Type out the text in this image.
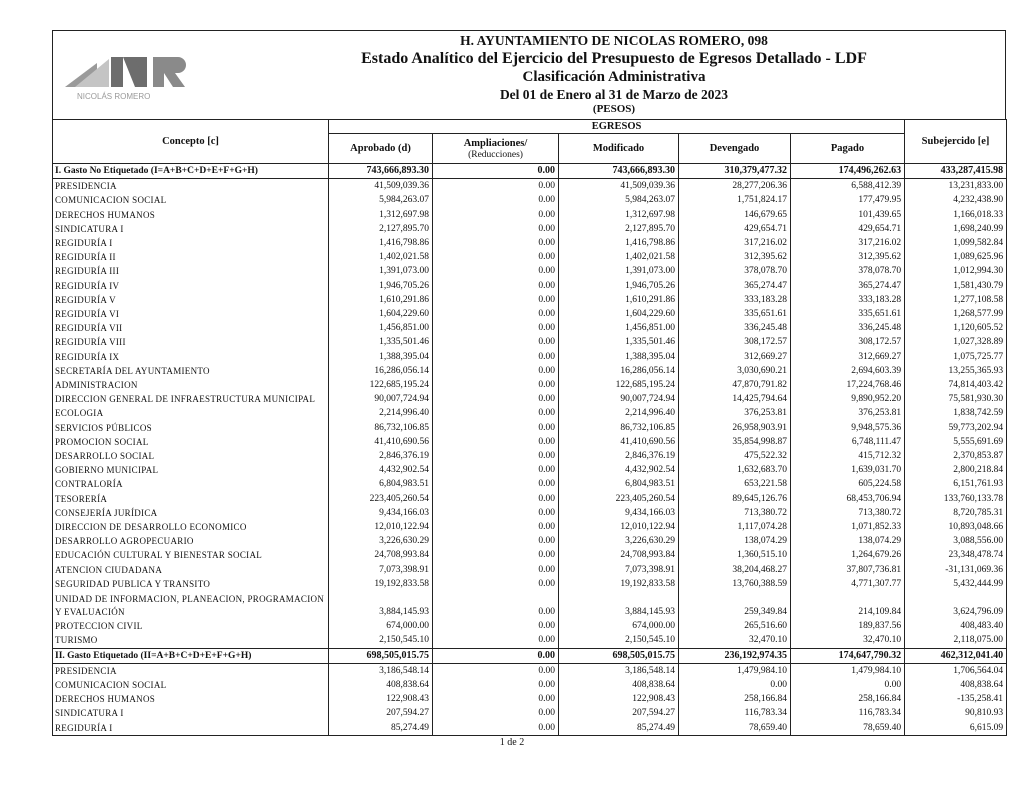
NICOLÁS ROMERO
H. AYUNTAMIENTO DE NICOLAS ROMERO, 098
Estado Analítico del Ejercicio del Presupuesto de Egresos Detallado - LDF
Clasificación Administrativa
Del 01 de Enero al 31 de Marzo de 2023
(PESOS)
Concepto [c]	EGRESOS					Subejercido [e]
	Aprobado (d)	Ampliaciones/
(Reducciones)	Modificado	Devengado	Pagado	
I. Gasto No Etiquetado (I=A+B+C+D+E+F+G+H)	743,666,893.30	0.00	743,666,893.30	310,379,477.32	174,496,262.63	433,287,415.98
PRESIDENCIA	41,509,039.36	0.00	41,509,039.36	28,277,206.36	6,588,412.39	13,231,833.00
COMUNICACION SOCIAL	5,984,263.07	0.00	5,984,263.07	1,751,824.17	177,479.95	4,232,438.90
DERECHOS HUMANOS	1,312,697.98	0.00	1,312,697.98	146,679.65	101,439.65	1,166,018.33
SINDICATURA I	2,127,895.70	0.00	2,127,895.70	429,654.71	429,654.71	1,698,240.99
REGIDURÍA I	1,416,798.86	0.00	1,416,798.86	317,216.02	317,216.02	1,099,582.84
REGIDURÍA II	1,402,021.58	0.00	1,402,021.58	312,395.62	312,395.62	1,089,625.96
REGIDURÍA III	1,391,073.00	0.00	1,391,073.00	378,078.70	378,078.70	1,012,994.30
REGIDURÍA IV	1,946,705.26	0.00	1,946,705.26	365,274.47	365,274.47	1,581,430.79
REGIDURÍA V	1,610,291.86	0.00	1,610,291.86	333,183.28	333,183.28	1,277,108.58
REGIDURÍA VI	1,604,229.60	0.00	1,604,229.60	335,651.61	335,651.61	1,268,577.99
REGIDURÍA VII	1,456,851.00	0.00	1,456,851.00	336,245.48	336,245.48	1,120,605.52
REGIDURÍA VIII	1,335,501.46	0.00	1,335,501.46	308,172.57	308,172.57	1,027,328.89
REGIDURÍA IX	1,388,395.04	0.00	1,388,395.04	312,669.27	312,669.27	1,075,725.77
SECRETARÍA DEL AYUNTAMIENTO	16,286,056.14	0.00	16,286,056.14	3,030,690.21	2,694,603.39	13,255,365.93
ADMINISTRACION	122,685,195.24	0.00	122,685,195.24	47,870,791.82	17,224,768.46	74,814,403.42
DIRECCION GENERAL DE INFRAESTRUCTURA MUNICIPAL	90,007,724.94	0.00	90,007,724.94	14,425,794.64	9,890,952.20	75,581,930.30
ECOLOGIA	2,214,996.40	0.00	2,214,996.40	376,253.81	376,253.81	1,838,742.59
SERVICIOS PÚBLICOS	86,732,106.85	0.00	86,732,106.85	26,958,903.91	9,948,575.36	59,773,202.94
PROMOCION SOCIAL	41,410,690.56	0.00	41,410,690.56	35,854,998.87	6,748,111.47	5,555,691.69
DESARROLLO SOCIAL	2,846,376.19	0.00	2,846,376.19	475,522.32	415,712.32	2,370,853.87
GOBIERNO MUNICIPAL	4,432,902.54	0.00	4,432,902.54	1,632,683.70	1,639,031.70	2,800,218.84
CONTRALORÍA	6,804,983.51	0.00	6,804,983.51	653,221.58	605,224.58	6,151,761.93
TESORERÍA	223,405,260.54	0.00	223,405,260.54	89,645,126.76	68,453,706.94	133,760,133.78
CONSEJERÍA JURÍDICA	9,434,166.03	0.00	9,434,166.03	713,380.72	713,380.72	8,720,785.31
DIRECCION DE DESARROLLO ECONOMICO	12,010,122.94	0.00	12,010,122.94	1,117,074.28	1,071,852.33	10,893,048.66
DESARROLLO AGROPECUARIO	3,226,630.29	0.00	3,226,630.29	138,074.29	138,074.29	3,088,556.00
EDUCACIÓN CULTURAL Y BIENESTAR SOCIAL	24,708,993.84	0.00	24,708,993.84	1,360,515.10	1,264,679.26	23,348,478.74
ATENCION CIUDADANA	7,073,398.91	0.00	7,073,398.91	38,204,468.27	37,807,736.81	-31,131,069.36
SEGURIDAD PUBLICA Y TRANSITO	19,192,833.58	0.00	19,192,833.58	13,760,388.59	4,771,307.77	5,432,444.99
UNIDAD DE INFORMACION, PLANEACION, PROGRAMACION Y EVALUACIÓN	3,884,145.93	0.00	3,884,145.93	259,349.84	214,109.84	3,624,796.09
PROTECCION CIVIL	674,000.00	0.00	674,000.00	265,516.60	189,837.56	408,483.40
TURISMO	2,150,545.10	0.00	2,150,545.10	32,470.10	32,470.10	2,118,075.00
II. Gasto Etiquetado (II=A+B+C+D+E+F+G+H)	698,505,015.75	0.00	698,505,015.75	236,192,974.35	174,647,790.32	462,312,041.40
PRESIDENCIA	3,186,548.14	0.00	3,186,548.14	1,479,984.10	1,479,984.10	1,706,564.04
COMUNICACION SOCIAL	408,838.64	0.00	408,838.64	0.00	0.00	408,838.64
DERECHOS HUMANOS	122,908.43	0.00	122,908.43	258,166.84	258,166.84	-135,258.41
SINDICATURA I	207,594.27	0.00	207,594.27	116,783.34	116,783.34	90,810.93
REGIDURÍA I	85,274.49	0.00	85,274.49	78,659.40	78,659.40	6,615.09
1 de 2
